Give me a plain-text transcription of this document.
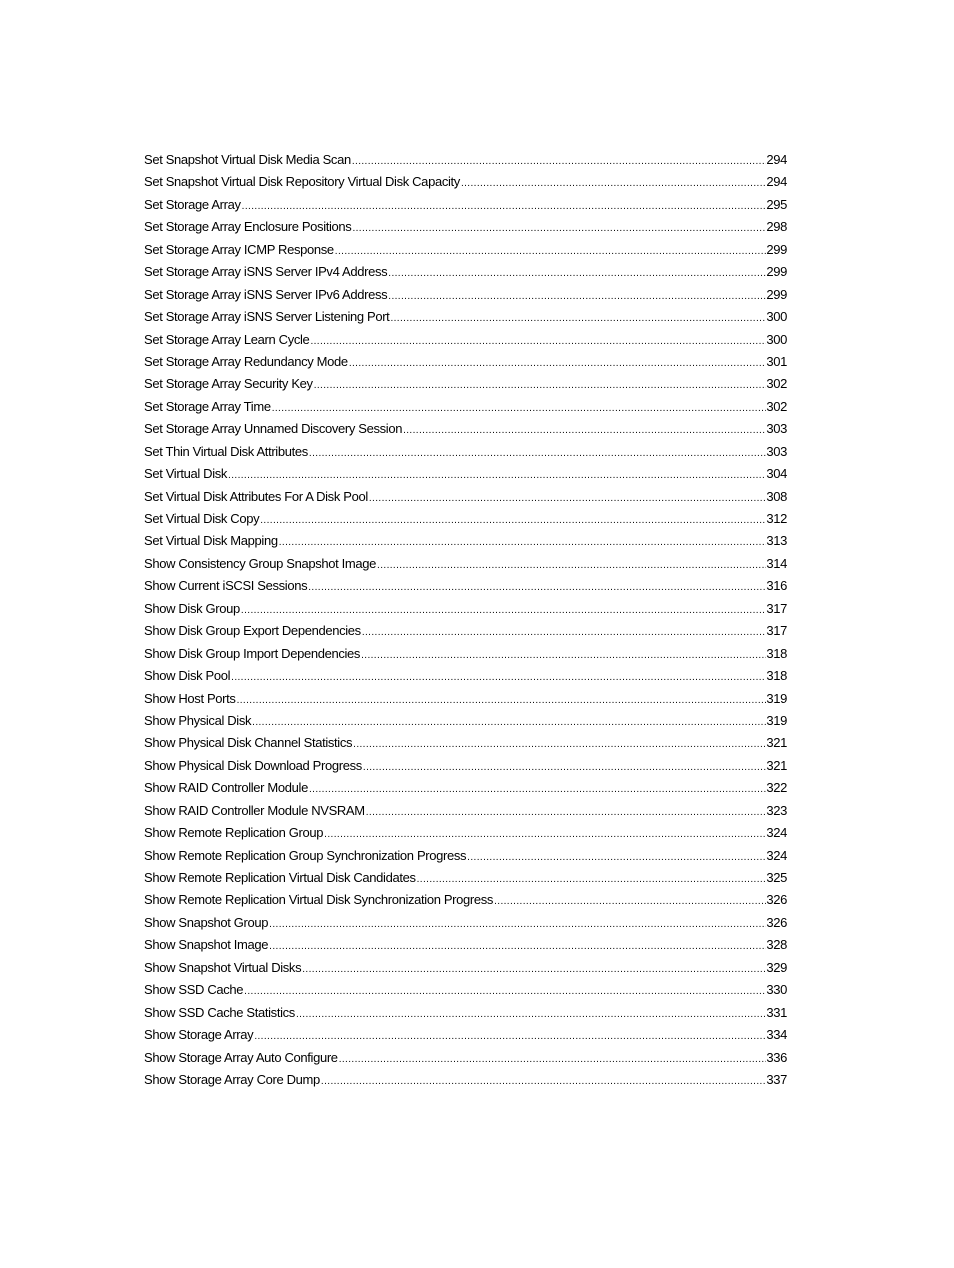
Set Snapshot Virtual Disk Media Scan .....	294
Set Snapshot Virtual Disk Repository Virtual Disk Capacity .....	294
Set Storage Array .....	295
Set Storage Array Enclosure Positions .....	298
Set Storage Array ICMP Response .....	299
Set Storage Array iSNS Server IPv4 Address .....	299
Set Storage Array iSNS Server IPv6 Address .....	299
Set Storage Array iSNS Server Listening Port .....	300
Set Storage Array Learn Cycle .....	300
Set Storage Array Redundancy Mode .....	301
Set Storage Array Security Key .....	302
Set Storage Array Time .....	302
Set Storage Array Unnamed Discovery Session .....	303
Set Thin Virtual Disk Attributes .....	303
Set Virtual Disk .....	304
Set Virtual Disk Attributes For A Disk Pool .....	308
Set Virtual Disk Copy .....	312
Set Virtual Disk Mapping .....	313
Show Consistency Group Snapshot Image .....	314
Show Current iSCSI Sessions .....	316
Show Disk Group .....	317
Show Disk Group Export Dependencies .....	317
Show Disk Group Import Dependencies .....	318
Show Disk Pool .....	318
Show Host Ports .....	319
Show Physical Disk .....	319
Show Physical Disk Channel Statistics .....	321
Show Physical Disk Download Progress .....	321
Show RAID Controller Module .....	322
Show RAID Controller Module NVSRAM .....	323
Show Remote Replication Group .....	324
Show Remote Replication Group Synchronization Progress .....	324
Show Remote Replication Virtual Disk Candidates .....	325
Show Remote Replication Virtual Disk Synchronization Progress .....	326
Show Snapshot Group .....	326
Show Snapshot Image .....	328
Show Snapshot Virtual Disks .....	329
Show SSD Cache .....	330
Show SSD Cache Statistics .....	331
Show Storage Array .....	334
Show Storage Array Auto Configure .....	336
Show Storage Array Core Dump .....	337
